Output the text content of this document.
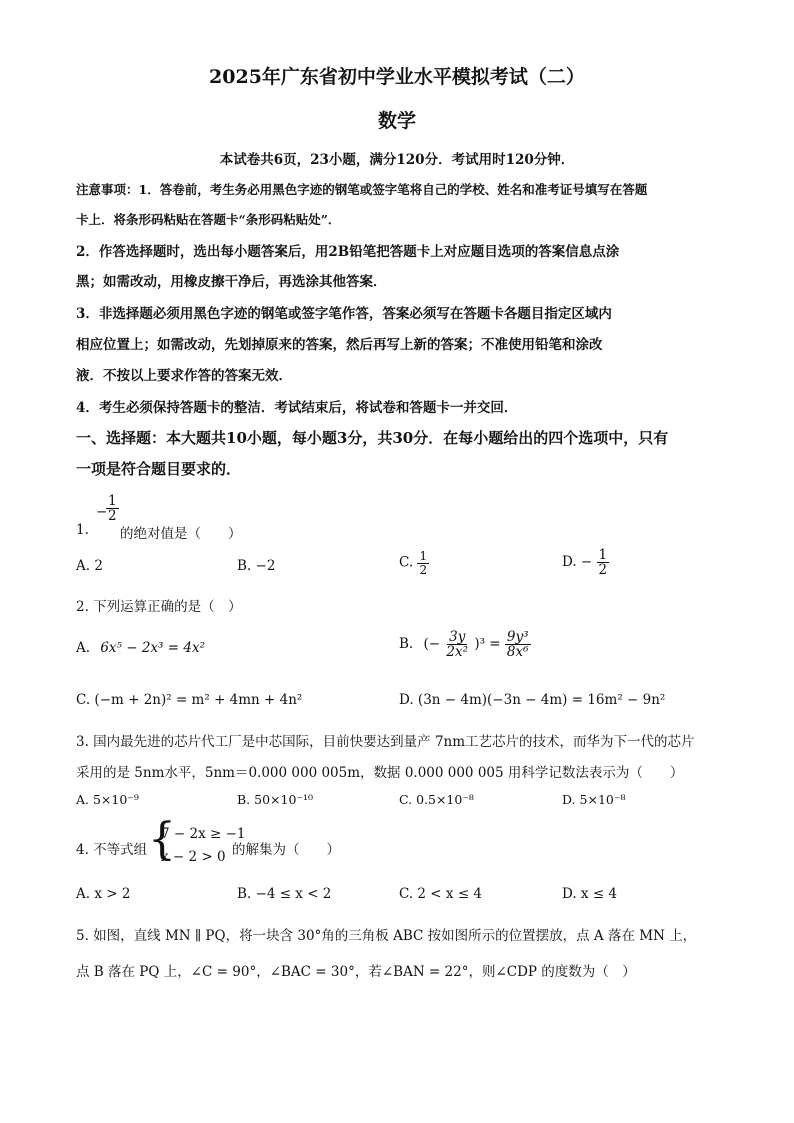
2025年广东省初中学业水平模拟考试（二）
数学
本试卷共6页，23小题，满分120分．考试用时120分钟．
注意事项：1．答卷前，考生务必用黑色字迹的钢笔或签字笔将自己的学校、姓名和准考证号填写在答题
卡上．将条形码粘贴在答题卡“条形码粘贴处”．
2．作答选择题时，选出每小题答案后，用2B铅笔把答题卡上对应题目选项的答案信息点涂
黑；如需改动，用橡皮擦干净后，再选涂其他答案．
3．非选择题必须用黑色字迹的钢笔或签字笔作答，答案必须写在答题卡各题目指定区域内
相应位置上；如需改动，先划掉原来的答案，然后再写上新的答案；不准使用铅笔和涂改
液．不按以上要求作答的答案无效．
4．考生必须保持答题卡的整洁．考试结束后，将试卷和答题卡一并交回．
一、选择题：本大题共10小题，每小题3分，共30分．在每小题给出的四个选项中，只有
一项是符合题目要求的．
1.
−
$\frac{1}{2}$
的绝对值是（　　）
A. 2	B. −2	C. $\frac{1}{2}$	D. − $\frac{1}{2}$
2. 下列运算正确的是（　）
A. 6x⁵ − 2x³ = 4x²	B. (− $\frac{3y}{\text{2x²}} )^3 = \frac{\text{9y³}}{\text{8x⁶}}$
C. (−m + 2n)² = m² + 4mn + 4n²	D. (3n − 4m)(−3n − 4m) = 16m² − 9n²
3. 国内最先进的芯片代工厂是中芯国际，目前快要达到量产 7nm工艺芯片的技术，而华为下一代的芯片
采用的是 5nm水平，5nm＝0.000 000 005m，数据 0.000 000 005 用科学记数法表示为（　　）
A. 5×10⁻⁹	B. 50×10⁻¹⁰	C. 0.5×10⁻⁸	D. 5×10⁻⁸
4. 不等式组 {
7 − 2x ≥ −1
x − 2 > 0 的解集为（　　）
A. x > 2	B. −4 ≤ x < 2	C. 2 < x ≤ 4	D. x ≤ 4
5. 如图，直线 MN ∥ PQ，将一块含 30°角的三角板 ABC 按如图所示的位置摆放，点 A 落在 MN 上，
点 B 落在 PQ 上，∠C = 90°，∠BAC = 30°，若∠BAN = 22°，则∠CDP 的度数为（　）
